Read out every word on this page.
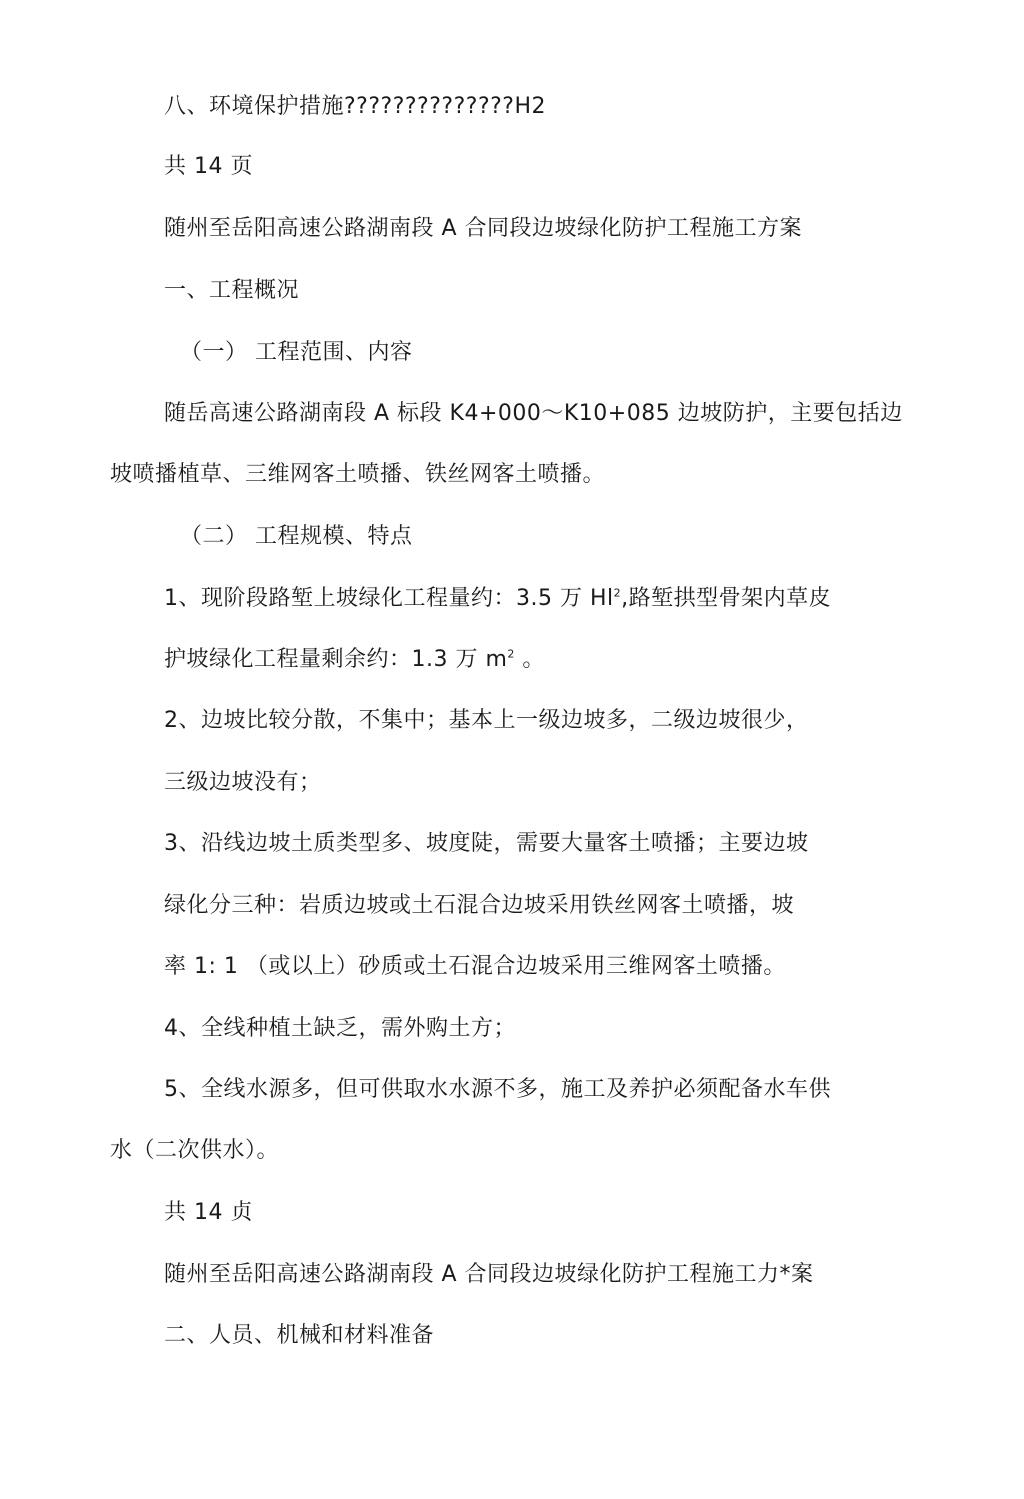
八、环境保护措施??????????????H2
共 14 页
随州至岳阳高速公路湖南段 A 合同段边坡绿化防护工程施工方案
一、工程概况
（一） 工程范围、内容
随岳高速公路湖南段 A 标段 K4+000～K10+085 边坡防护，主要包括边
坡喷播植草、三维网客土喷播、铁丝网客土喷播。
（二） 工程规模、特点
1、现阶段路堑上坡绿化工程量约：3.5 万 Hl$^2$,路堑拱型骨架内草皮
护坡绿化工程量剩余约：1.3 万 $m^2$ 。
2、边坡比较分散，不集中；基本上一级边坡多，二级边坡很少，
三级边坡没有；
3、沿线边坡土质类型多、坡度陡，需要大量客土喷播；主要边坡
绿化分三种：岩质边坡或土石混合边坡采用铁丝网客土喷播，坡
率 1: 1 （或以上）砂质或土石混合边坡采用三维网客土喷播。
4、全线种植土缺乏，需外购土方；
5、全线水源多，但可供取水水源不多，施工及养护必须配备水车供
水（二次供水）。
共 14 贞
随州至岳阳高速公路湖南段 A 合同段边坡绿化防护工程施工力*案
二、人员、机械和材料准备
